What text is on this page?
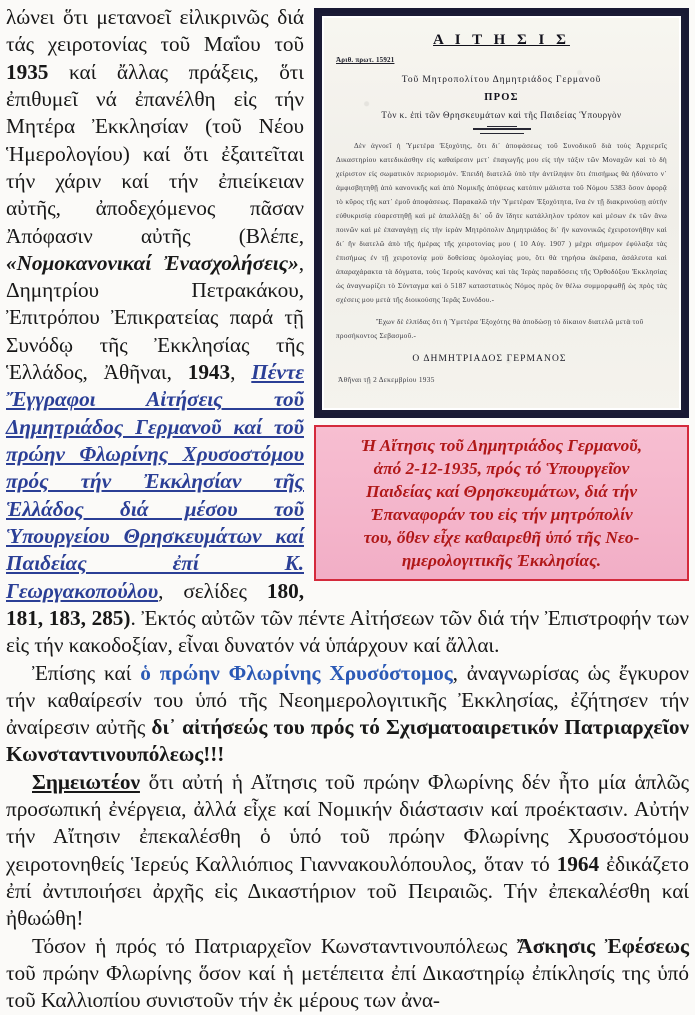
Α Ι Τ Η Σ Ι Σ
Ἀριθ. πρωτ. 15921
Τοῦ Μητροπολίτου Δημητριάδος Γερμανοῦ
ΠΡΟΣ
Τὸν κ. ἐπὶ τῶν Θρησκευμάτων καὶ τῆς Παιδείας Ὑπουργὸν
Δὲν ἀγνοεῖ ἡ Ὑμετέρα Ἐξοχότης, ὅτι δι᾽ ἀποφάσεως τοῦ Συνοδικοῦ διὰ τοὺς Ἀρχιερεῖς Δικαστηρίου κατεδικάσθην εἰς καθαίρεσιν μετ᾽ ἐπαγωγῆς μου εἰς τὴν τάξιν τῶν Μοναχῶν καὶ τὸ δὴ χείριστον εἰς σωματικὸν περιορισμόν. Ἐπειδὴ διατελῶ ὑπὸ τὴν ἀντίληψιν ὅτι ἐπισήμως θὰ ἠδύνατο ν᾽ ἀμφισβητηθῇ ἀπὸ κανονικῆς καὶ ἀπὸ Νομικῆς ἀπόψεως κατόπιν μάλιστα τοῦ Νόμου 5383 ὅσον ἀφορᾷ τὸ κῦρος τῆς κατ᾽ ἐμοῦ ἀποφάσεως. Παρακαλῶ τὴν Ὑμετέραν Ἐξοχότητα, ἵνα ἐν τῇ διακρινούσῃ αὐτὴν εὐθυκρισίᾳ εὐαρεστηθῇ καὶ μὲ ἀπαλλάξῃ δι᾽ οὗ ἄν ἴδητε κατάλληλον τρόπον καὶ μέσων ἐκ τῶν ἄνω ποινῶν καὶ μὲ ἐπαναγάγῃ εἰς τὴν ἱερὰν Μητρόπολιν Δημητριάδος δι᾽ ἣν κανονικῶς ἐχειροτονήθην καὶ δι᾽ ἣν διατελῶ ἀπὸ τῆς ἡμέρας τῆς χειροτονίας μου ( 10 Αὐγ. 1907 ) μέχρι σήμερον ἐφύλαξα τὰς ἐπισήμως ἐν τῇ χειροτονίᾳ μου δοθείσας ὁμολογίας μου, ὅτι θὰ τηρήσω ἀκέραια, ἀσάλευτα καὶ ἀπαραχάρακτα τὰ δόγματα, τοὺς Ἱεροὺς κανόνας καὶ τὰς Ἱερὰς παραδόσεις τῆς Ὀρθοδόξου Ἐκκλησίας ὡς ἀναγνωρίζει τὸ Σύνταγμα καὶ ὁ 5187 καταστατικὸς Νόμος πρὸς ὃν θέλω συμμορφωθῇ ὡς πρὸς τὰς σχέσεις μου μετὰ τῆς διοικούσης Ἱερᾶς Συνόδου.-
Ἔχων δὲ ἐλπίδας ὅτι ἡ Ὑμετέρα Ἐξοχότης θὰ ἀποδώσῃ τὸ δίκαιον διατελῶ μετὰ τοῦ προσήκοντος Σεβασμοῦ.-
Ο ΔΗΜΗΤΡΙΑΔΟΣ ΓΕΡΜΑΝΟΣ
Ἀθῆναι τῇ 2 Δεκεμβρίου 1935

Ἡ Αἴτησις τοῦ Δημητριάδος Γερμανοῦ,
ἀπό 2-12-1935, πρός τό Ὑπουργεῖον
Παιδείας καί Θρησκευμάτων, διά τήν
Ἐπαναφοράν του εἰς τήν μητρόπολίν
του, ὅθεν εἶχε καθαιρεθῆ ὑπό τῆς Νεο-
ημερολογιτικῆς Ἐκκλησίας.

λώνει ὅτι μετανοεῖ εἰλικρινῶς διά τάς χειροτονίας τοῦ Μαΐου τοῦ 1935 καί ἄλλας πράξεις, ὅτι ἐπιθυμεῖ νά ἐπανέλθη εἰς τήν Μητέρα Ἐκκλησίαν (τοῦ Νέου Ἡμερολογίου) καί ὅτι ἐξαιτεῖται τήν χάριν καί τήν ἐπιείκειαν αὐτῆς, ἀποδεχόμενος πᾶσαν Ἀπόφασιν αὐτῆς (Βλέπε, «Νομοκανονικαί Ἐνασχολήσεις», Δημητρίου Πετρακάκου, Ἐπιτρόπου Ἐπικρατείας παρά τῇ Συνόδῳ τῆς Ἐκκλησίας τῆς Ἑλλάδος, Ἀθῆναι, 1943, Πέντε Ἔγγραφοι Αἰτήσεις τοῦ Δημητριάδος Γερμανοῦ καί τοῦ πρώην Φλωρίνης Χρυσοστόμου πρός τήν Ἐκκλησίαν τῆς Ἑλλάδος διά μέσου τοῦ Ὑπουργείου Θρησκευμάτων καί Παιδείας ἐπί Κ. Γεωργακοπούλου, σελίδες 180, 181, 183, 285). Ἐκτός αὐτῶν τῶν πέντε Αἰτήσεων τῶν διά τήν Ἐπιστροφήν των εἰς τήν κακοδοξίαν, εἶναι δυνατόν νά ὑπάρχουν καί ἄλλαι.

Ἐπίσης καί ὁ πρώην Φλωρίνης Χρυσόστομος, ἀναγνωρίσας ὡς ἔγκυρον τήν καθαίρεσίν του ὑπό τῆς Νεοημερολογιτικῆς Ἐκκλησίας, ἐζήτησεν τήν ἀναίρεσιν αὐτῆς δι᾽ αἰτήσεώς του πρός τό Σχισματοαιρετικόν Πατριαρχεῖον Κωνσταντινουπόλεως!!!

Σημειωτέον ὅτι αὐτή ἡ Αἴτησις τοῦ πρώην Φλωρίνης δέν ἦτο μία ἁπλῶς προσωπική ἐνέργεια, ἀλλά εἶχε καί Νομικήν διάστασιν καί προέκτασιν. Αὐτήν τήν Αἴτησιν ἐπεκαλέσθη ὁ ὑπό τοῦ πρώην Φλωρίνης Χρυσοστόμου χειροτονηθείς Ἱερεύς Καλλιόπιος Γιαννακουλόπουλος, ὅταν τό 1964 ἐδικάζετο ἐπί ἀντιποιήσει ἀρχῆς εἰς Δικαστήριον τοῦ Πειραιῶς. Τήν ἐπεκαλέσθη καί ἠθωώθη!

Τόσον ἡ πρός τό Πατριαρχεῖον Κωνσταντινουπόλεως Ἄσκησις Ἐφέσεως τοῦ πρώην Φλωρίνης ὅσον καί ἡ μετέπειτα ἐπί Δικαστηρίῳ ἐπίκλησίς της ὑπό τοῦ Καλλιοπίου συνιστοῦν τήν ἐκ μέρους των ἀνα-
